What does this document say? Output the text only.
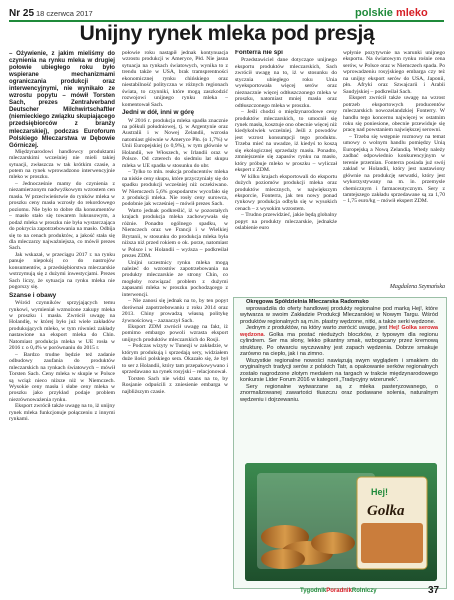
Nr 25 18 czerwca 2017	polskie mleko
Unijny rynek mleka pod presją

– Ożywienie, z jakim mieliśmy do czynienia na rynku mleka w drugiej połowie ubiegłego roku było wspierane mechanizmami ograniczania produkcji oraz interwencyjnymi, nie wynikało ze wzrostu popytu – mówił Torsten Sach, prezes Zentralverband Deutscher Milchwirtschaftler (niemieckiego związku skupiającego przedsiębiorców z branży mleczarskiej), podczas Euroforum Polskiego Mleczarstwa w Dębowie Górniczej.

Międzynarodowi handlowcy produktami mleczarskimi wcześniej nie mieli takiej sytuacji, zwłaszcza w tak krótkim czasie, a potem na rynek wprowadzono interwencyjnie mleko w proszku.

– Jednocześnie mamy do czynienia z niezamierzonym nadwyżkowym wzrostem cen masła. W przeciwieństwie do rynków mleka w proszku ceny masła wzrosły do rekordowego poziomu. Nie było to dobre dla konsumentów – masło stało się towarem luksusowym, a podaż mleka w proszku nie była wystarczająca do pokrycia zapotrzebowania na masło. Odbija się to na cenach produktów, a jakość stała się dla mleczarzy najważniejsza, co mówił prezes Sach.

Jak wskazał, w przeciągu 2017 r. na rynku panuje niepokój co do nastrojów konsumentów, a przedsiębiorstwa mleczarskie wstrzymują się z dużymi inwestycjami. Prezes Sach liczy, że sytuacja na rynku mleka nie pogorszy się.

Szanse i obawy

Wśród czynników sprzyjających temu rynkowi, wymieniał wzmożone zakupy mleka w proszku i masła. Zwrócił uwagę na Holandię, w której było już wiele zakładów produkujących mleko, w tym również zakłady nastawione na eksport mleka do Chin. Natomiast produkcja mleka w UE rosła w 2016 r. o 0,4% w porównaniu do 2015 r.

– Bardzo trudne będzie też zadanie odbudowy zaufania do produktów mleczarskich na rynkach światowych – mówił Torsten Sach. Ceny mleka w skupie w Polsce są wciąż nieco niższe niż w Niemczech. Wysokie ceny masła i słabe ceny mleka w proszku jako przykład podaje problem niezrównoważenia rynku.

Eksport zwrócił także uwagę na to, iż unijny rynek mleka funkcjonuje połączeniu z innymi rynkami.

połowie roku nastąpił jednak kontynuacja wzrostu produkcji w Ameryce, Płd. Nie jasna sytuacja na rynkach światowych, wynika to z trendu także w USA, brak tramsprentności ekonomicznej rynku chińskiego oraz niestabilność polityczna w różnych regionach świata, to czynniki, które mogą zaszkodzić rozwojowi unijnego rynku mleka – komentował Sach.

Jedni w dół, inni w górę

W 2016 r. produkcja mleka spadła znacznie na półkuli południowej, tj. w Argentynie oraz Australii i w Nowej Zelandii, wzrosła natomiast głównie w Ameryce Płn. (o 1,7%) w Unii Europejskiej (o 0,9%), w tym głównie w Holandii, we Włoszech, w Irlandii oraz w Polsce. Od czterech do siedmiu lat skupu mleka w UE spadła w stosunku do ubr.

– Tylko to mln. reakcja producentów mleka na niskie ceny skupu, które przyczyniały się do spadku produkcji wcześniej niż oczekiwano. W Niemczech 5,6% gospodarstw wycofało się z produkcji mleka. Nie rosły ceny surowca, podobnie jak wcześniej – mówił prezes Sach.

Warto jednak podkreślić, iż w pozostałych krajach produkcja mleka zachowywała się różnie. Ponadto ogólnego spadku, w Niemczech oraz we Francji i w Wielkiej Brytanii, w stosunku do produkcja mleka była niższa niż przed rokiem o ok. porze, natomiast w Polsce i w Holandii – wyższa – podkreślał prezes ZDM.

Unijni uczestnicy rynku mleka mogą należeć do wzrostów zapotrzebowania na produkty mleczarskie ze strony Chin, co mogłoby rozwiązać problem z dużymi zapasami mleka w proszku pochodzącego z interwencji.

– Nie zanosi się jednak na to, by ten popyt dorównał zapotrzebowaniu z roku 2014 oraz 2013. Chiny prowadzą własną politykę żywnościową – zaznaczył Sach.

Eksport ZDM zwrócił uwagę na fakt, iż pomimo embargo powoli wzrasta eksport unijnych produktów mleczarskich do Rosji.

– Podczas wizyty w Tunezji w zakładzie, w którym produkują i sprzedają sery, widziałem duże ilości polskiego sera. Okazało się, że był to ser z Holandii, który tam przepakowywano i sprzedawano na rynek rosyjski – relacjonował.

Torsten Sach nie widzi szans na to, by Rosjanie odpuścili z zniesienie embarga w najbliższym czasie.

Fonterra nie śpi

Przedstawiciel dane dotyczące unijnego eksportu produktów mleczarskich, Sach zwrócił uwagę na to, iż w stosunku do stycznia ubiegłego roku Unia wyeksportowała więcej serów oraz nieznacznie więcej odtłuszczonego mleka w proszku, natomiast mniej masła oraz odtłuszczonego mleka w proszku.

– Jeśli chodzi o międzynarodowe ceny produktów mleczarskich, to umocnił się rynek masła, kosztuje ono obecnie więcej niż kiedykolwiek wcześniej. Jeśli z powodów jest wzrost konsumpcji tego produktu. Trzeba mieć na uwadze, iż kiedyś to koszą się ekologicznej sprzedaży masła. Ponadto, zmniejszenie się zapasów rynku na masło, który próbuje mleko w proszku – wyliczał ekspert z ZDM.

W kilku krajach eksportowali do eksportu dużych poziomów produkcji mleka oraz produktów mlecznych, w największym eksporcie, Fonterra, jak ten nowy ponad rynkowy produkcja odbyła się w wysokich cenach – z wysokim wzrostem.

– Trudno przewidzieć, jakie będą globalny popyt na produkty mleczarskie, jednakże oslabienie euro

wpłynie pozytywnie na warunki unijnego eksportu. Na światowym rynku rośnie cena serów, w Polsce oraz w Niemczech spada. Po wprowadzeniu rosyjskiego embarga czy też na unijny eksport serów do USA, Japonii, płn. Afryki oraz Szwajcarii i Arabii Saudyjskiej – podkreślał Sach.

Ekspert zwrócił także uwagę na wzrost potrzeb eksportowych producentów mleczarskich nowozelandzkiej Fonterry. W handlu tego koncernu najwięcej w ostatnim roku się poniesione, obecnie przewiduje się pracę nad powstaniem największej serowni.

– Trzeba się wstępnie rozmowy na temat umowy o wolnym handlu pomiędzy Unią Europejską a Nową Zelandią. Wtedy należy zadbać odpowiednio konkurencyjnym w terenie przemian. Fonterra posiada już swój zakład w Holandii, który jest nastawiony głównie na produkcję serwatki, który jest wykorzystywany na m. in. przemysle chemicznym i farmaceutycznym. Sery z tamtejszego zakładu sprzedawane są za 1,70 – 1,75 euro/kg – mówił ekspert ZDM.

Magdalena Szymańska

Okręgowa Spółdzielnia Mleczarska Radomsko

wprowadziła do oferty handlowej produkty regionalne pod marką Hej!, które wytwarza w swoim Zakładzie Produkcji Mleczarskiej w Nowym Targu. Wśród produktów regionalnych są m.in. plastry wędzone, nitki, a także serki wędzone.

Jednym z produktów, na który warto zwrócić uwagę, jest Hej! Golka serowa wędzona. Golka ma postać niedużych bloczków, z typowym dla regionu cylindrem. Ser ma słony, lekko pikantny smak, wzbogacany przez kremową strukturę. Po otwarciu wyczuwalny jest zapach wędzenia. Dobrze smakuje zarówno na ciepło, jak i na zimno.

Wszystkie regionalne nowości nawiązują swym wyglądem i smakiem do oryginalnych tradycji serów z polskich Tatr, a opakowanie serków regionalnych zostało nagrodzone złotym medalem na targach w trakcie międzynarodowego konkursie Lider Forum 2016 w kategorii „Tradycyjny wizerunek”.

Sery regionalne wytwarzane są z mleka pasteryzowanego, o znormalizowanej zawartości tłuszczu oraz podawane solenia, naturalnym wędzeniu i dojrzewaniu.

Hej!
Golka
TygodnikPoradnikRolniczy	37
